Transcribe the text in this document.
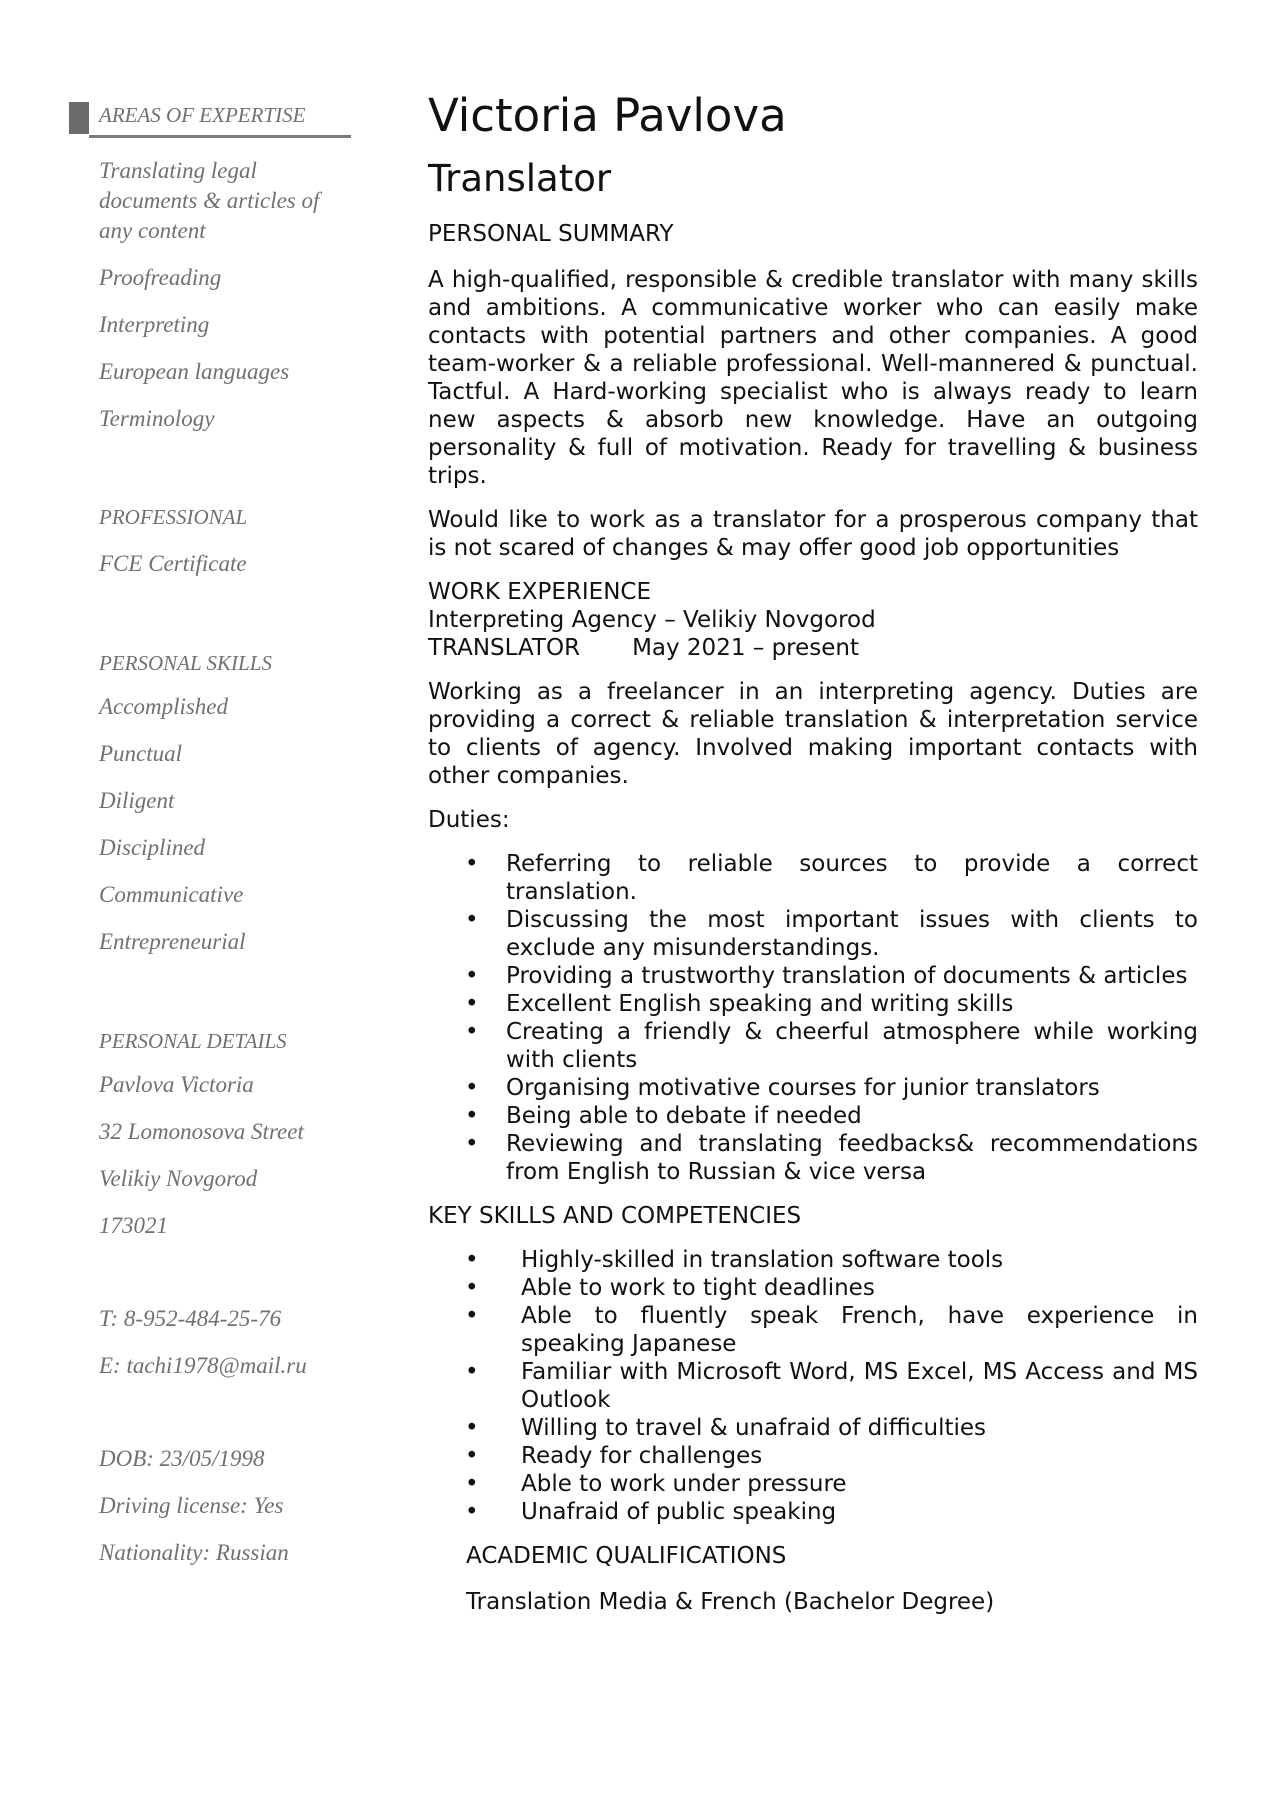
AREAS OF EXPERTISE

Translating legal documents & articles of any content

Proofreading

Interpreting

European languages

Terminology

PROFESSIONAL

FCE Certificate

PERSONAL SKILLS

Accomplished

Punctual

Diligent

Disciplined

Communicative

Entrepreneurial

PERSONAL DETAILS

Pavlova Victoria

32 Lomonosova Street

Velikiy Novgorod

173021

T: 8-952-484-25-76

E: tachi1978@mail.ru

DOB: 23/05/1998

Driving license: Yes

Nationality: Russian

Victoria Pavlova
Translator

PERSONAL SUMMARY

A high-qualified, responsible & credible translator with many skills and ambitions. A communicative worker who can easily make contacts with potential partners and other companies. A good team-worker & a reliable professional. Well-mannered & punctual. Tactful. A Hard-working specialist who is always ready to learn new aspects & absorb new knowledge. Have an outgoing personality & full of motivation. Ready for travelling & business trips.

Would like to work as a translator for a prosperous company that is not scared of changes & may offer good job opportunities

WORK EXPERIENCE

Interpreting Agency – Velikiy Novgorod

TRANSLATOR May 2021 – present

Working as a freelancer in an interpreting agency. Duties are providing a correct & reliable translation & interpretation service to clients of agency. Involved making important contacts with other companies.

Duties:

• Referring to reliable sources to provide a correct translation.
• Discussing the most important issues with clients to exclude any misunderstandings.
• Providing a trustworthy translation of documents & articles
• Excellent English speaking and writing skills
• Creating a friendly & cheerful atmosphere while working with clients
• Organising motivative courses for junior translators
• Being able to debate if needed
• Reviewing and translating feedbacks& recommendations from English to Russian & vice versa

KEY SKILLS AND COMPETENCIES

• Highly-skilled in translation software tools
• Able to work to tight deadlines
• Able to fluently speak French, have experience in speaking Japanese
• Familiar with Microsoft Word, MS Excel, MS Access and MS Outlook
• Willing to travel & unafraid of difficulties
• Ready for challenges
• Able to work under pressure
• Unafraid of public speaking

ACADEMIC QUALIFICATIONS

Translation Media & French (Bachelor Degree)
